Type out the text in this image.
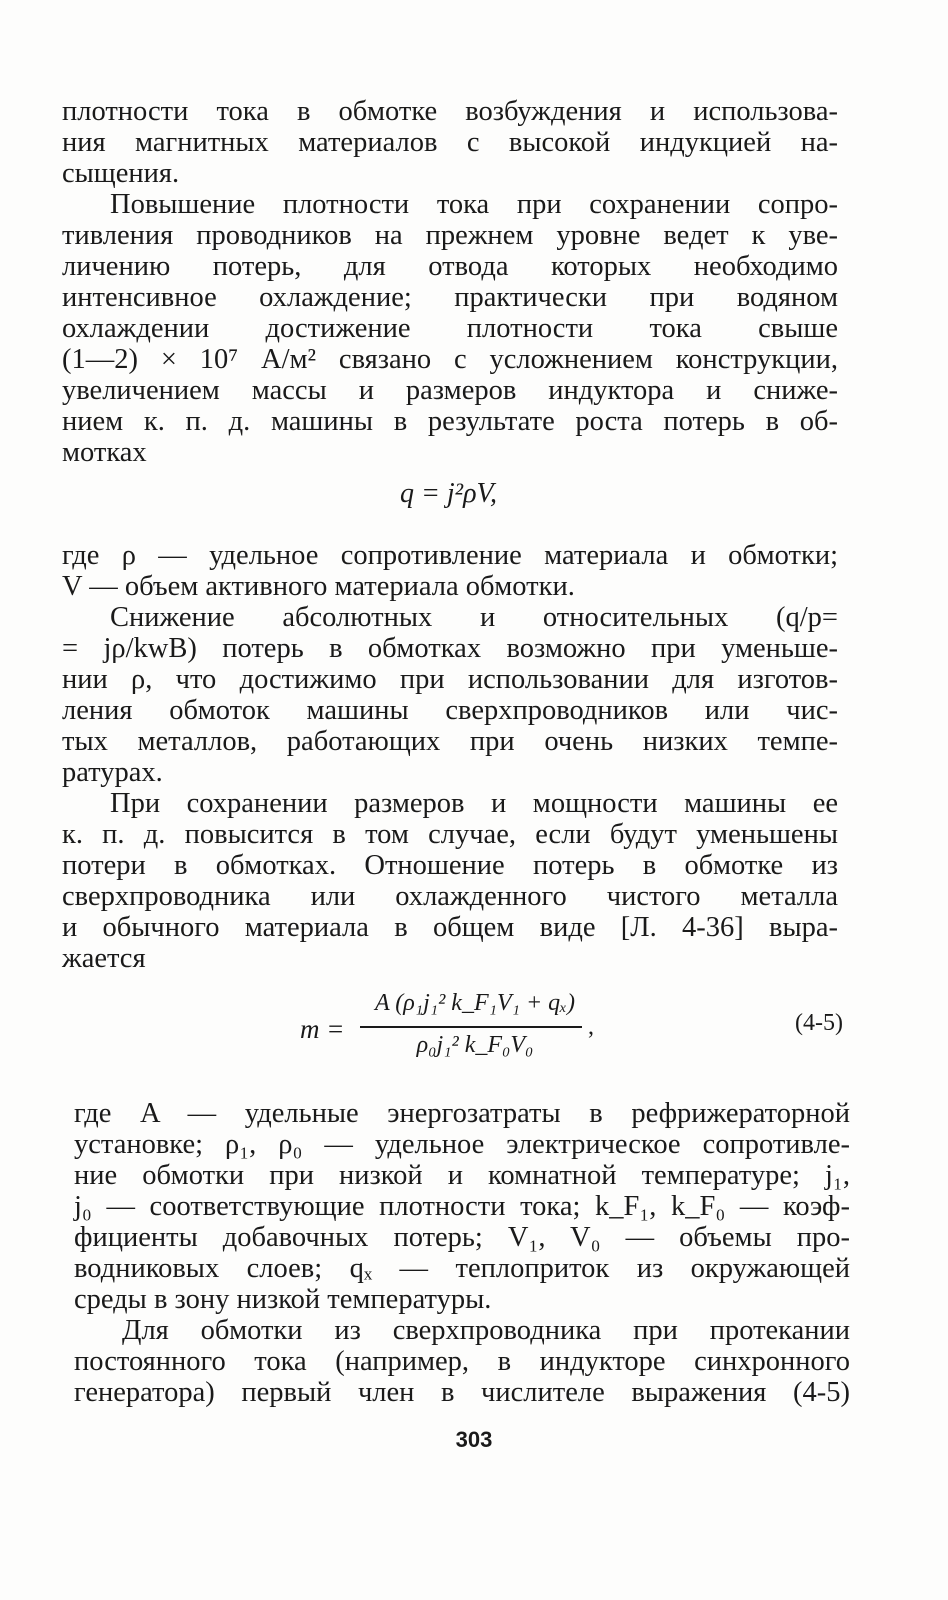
плотности тока в обмотке возбуждения и использова-
ния магнитных материалов с высокой индукцией на-
сыщения.
Повышение плотности тока при сохранении сопро-
тивления проводников на прежнем уровне ведет к уве-
личению потерь, для отвода которых необходимо
интенсивное охлаждение; практически при водяном
охлаждении достижение плотности тока свыше
(1—2) × 10⁷ А/м² связано с усложнением конструкции,
увеличением массы и размеров индуктора и сниже-
нием к. п. д. машины в результате роста потерь в об-
мотках
q = j²ρV,
где ρ — удельное сопротивление материала и обмотки;
V — объем активного материала обмотки.
Снижение абсолютных и относительных (q/p=
= jρ/kwB) потерь в обмотках возможно при уменьше-
нии ρ, что достижимо при использовании для изготов-
ления обмоток машины сверхпроводников или чис-
тых металлов, работающих при очень низких темпе-
ратурах.
При сохранении размеров и мощности машины ее
к. п. д. повысится в том случае, если будут уменьшены
потери в обмотках. Отношение потерь в обмотке из
сверхпроводника или охлажденного чистого металла
и обычного материала в общем виде [Л. 4-36] выра-
жается
m =
A (ρ₁j₁² k_F₁V₁ + qₓ)
ρ₀j₁² k_F₀V₀
,	(4-5)
где A — удельные энергозатраты в рефрижераторной
установке; ρ₁, ρ₀ — удельное электрическое сопротивле-
ние обмотки при низкой и комнатной температуре; j₁,
j₀ — соответствующие плотности тока; k_F₁, k_F₀ — коэф-
фициенты добавочных потерь; V₁, V₀ — объемы про-
водниковых слоев; qₓ — теплоприток из окружающей
среды в зону низкой температуры.
Для обмотки из сверхпроводника при протекании
постоянного тока (например, в индукторе синхронного
генератора) первый член в числителе выражения (4-5)
303
